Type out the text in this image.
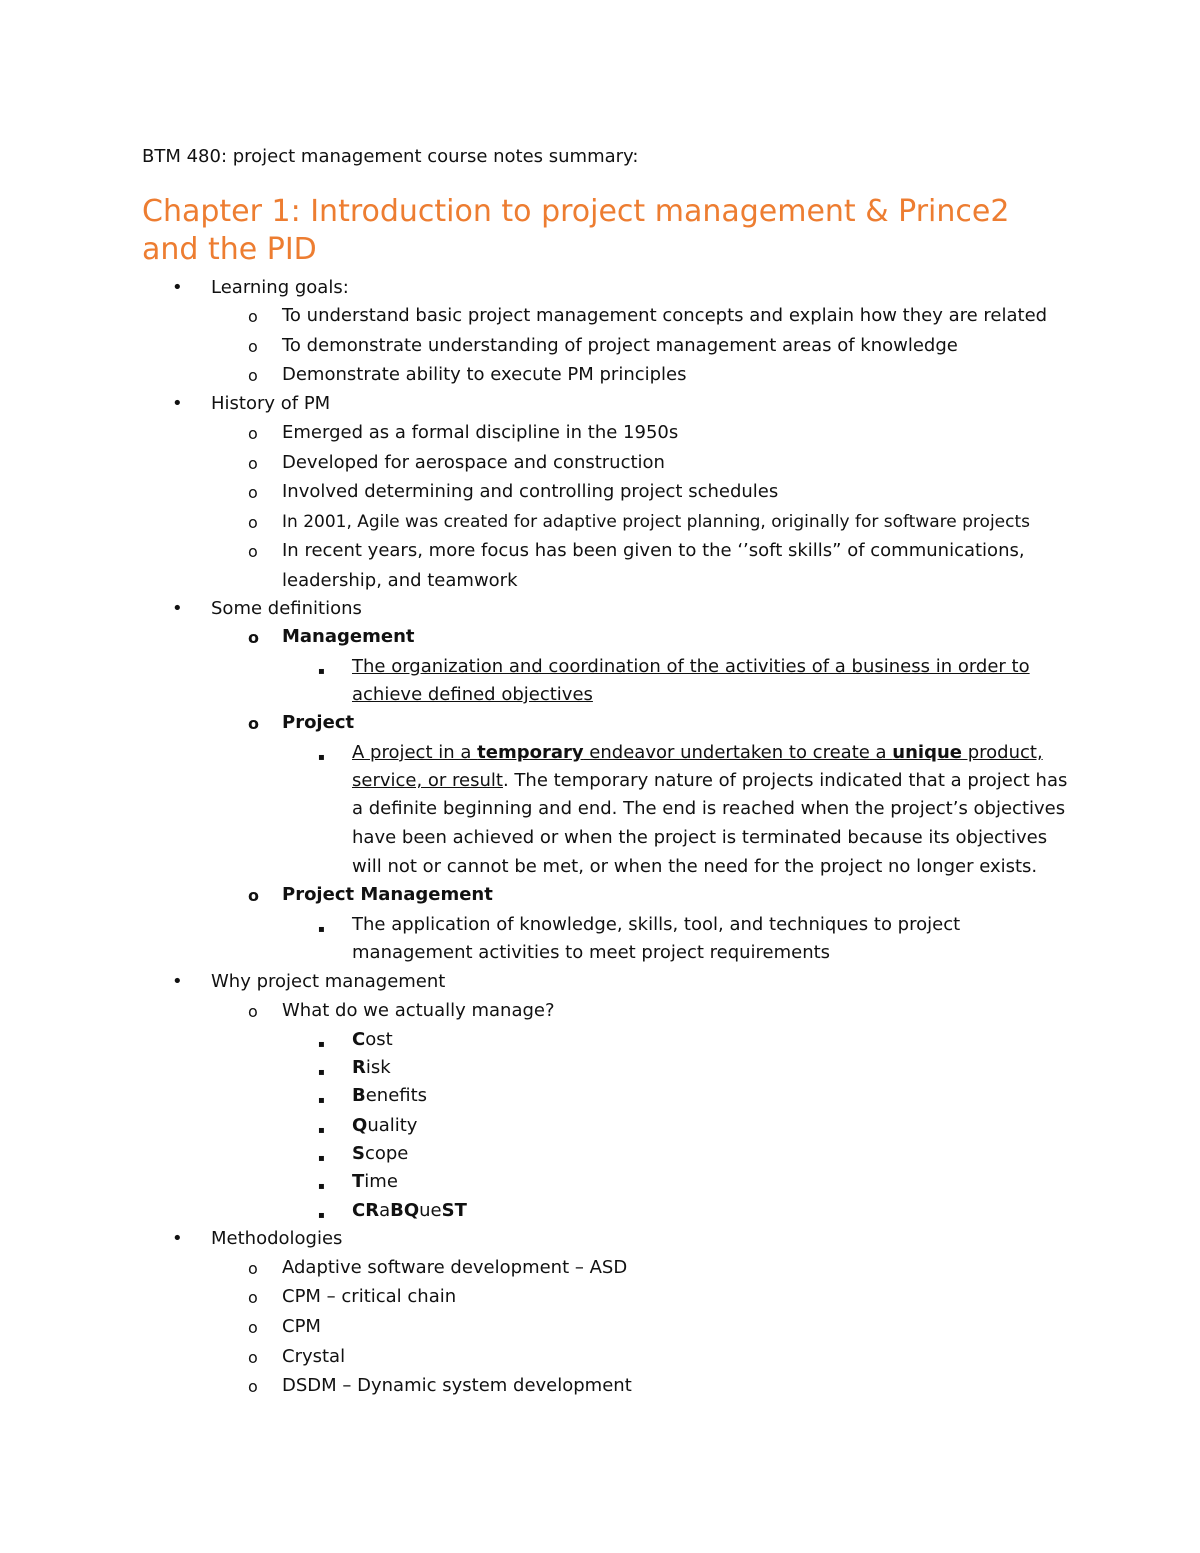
BTM 480: project management course notes summary:
Chapter 1: Introduction to project management & Prince2
and the PID
• Learning goals:
o To understand basic project management concepts and explain how they are related
o To demonstrate understanding of project management areas of knowledge
o Demonstrate ability to execute PM principles
• History of PM
o Emerged as a formal discipline in the 1950s
o Developed for aerospace and construction
o Involved determining and controlling project schedules
o In 2001, Agile was created for adaptive project planning, originally for software projects
o In recent years, more focus has been given to the ‘’soft skills” of communications,
leadership, and teamwork
• Some definitions
o Management
▪ The organization and coordination of the activities of a business in order to
achieve defined objectives
o Project
▪ A project in a temporary endeavor undertaken to create a unique product,
service, or result. The temporary nature of projects indicated that a project has
a definite beginning and end. The end is reached when the project’s objectives
have been achieved or when the project is terminated because its objectives
will not or cannot be met, or when the need for the project no longer exists.
o Project Management
▪ The application of knowledge, skills, tool, and techniques to project
management activities to meet project requirements
• Why project management
o What do we actually manage?
▪ Cost
▪ Risk
▪ Benefits
▪ Quality
▪ Scope
▪ Time
▪ CRaBQueST
• Methodologies
o Adaptive software development – ASD
o CPM – critical chain
o CPM
o Crystal
o DSDM – Dynamic system development
